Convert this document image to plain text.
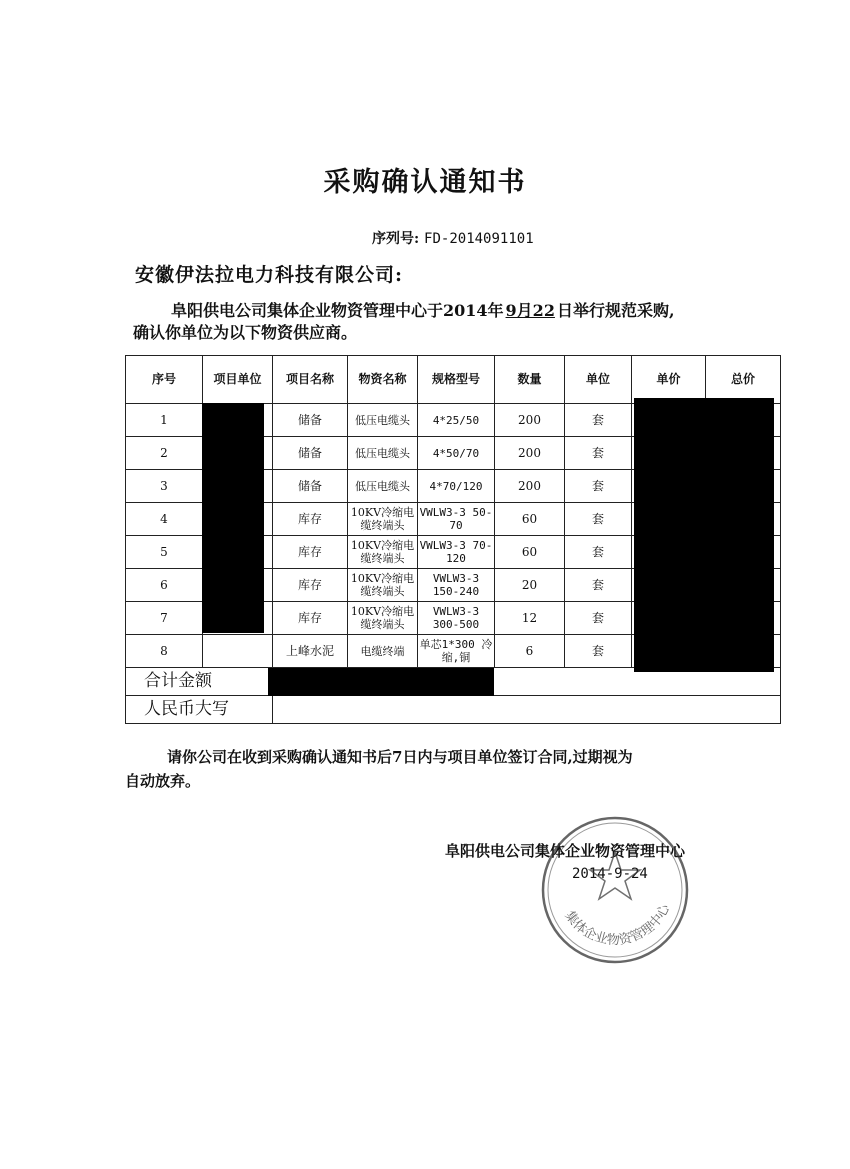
采购确认通知书
序列号: FD-2014091101
安徽伊法拉电力科技有限公司:
阜阳供电公司集体企业物资管理中心于2014年 9月22 日举行规范采购,
确认你单位为以下物资供应商。
序号	项目单位	项目名称	物资名称	规格型号	数量	单位	单价	总价
1		储备	低压电缆头	4*25/50	200	套		
2		储备	低压电缆头	4*50/70	200	套		
3		储备	低压电缆头	4*70/120	200	套		
4		库存	10KV冷缩电缆终端头	VWLW3-3 50-70	60	套		
5		库存	10KV冷缩电缆终端头	VWLW3-3 70-120	60	套		
6		库存	10KV冷缩电缆终端头	VWLW3-3 150-240	20	套		
7		库存	10KV冷缩电缆终端头	VWLW3-3 300-500	12	套		
8		上峰水泥	电缆终端	单芯1*300 冷缩,铜	6	套		
合计金额								
人民币大写								
请你公司在收到采购确认通知书后7日内与项目单位签订合同,过期视为
自动放弃。
阜阳供电公司集体企业物资管理中心
2014-9-24
集体企业物资管理中心
